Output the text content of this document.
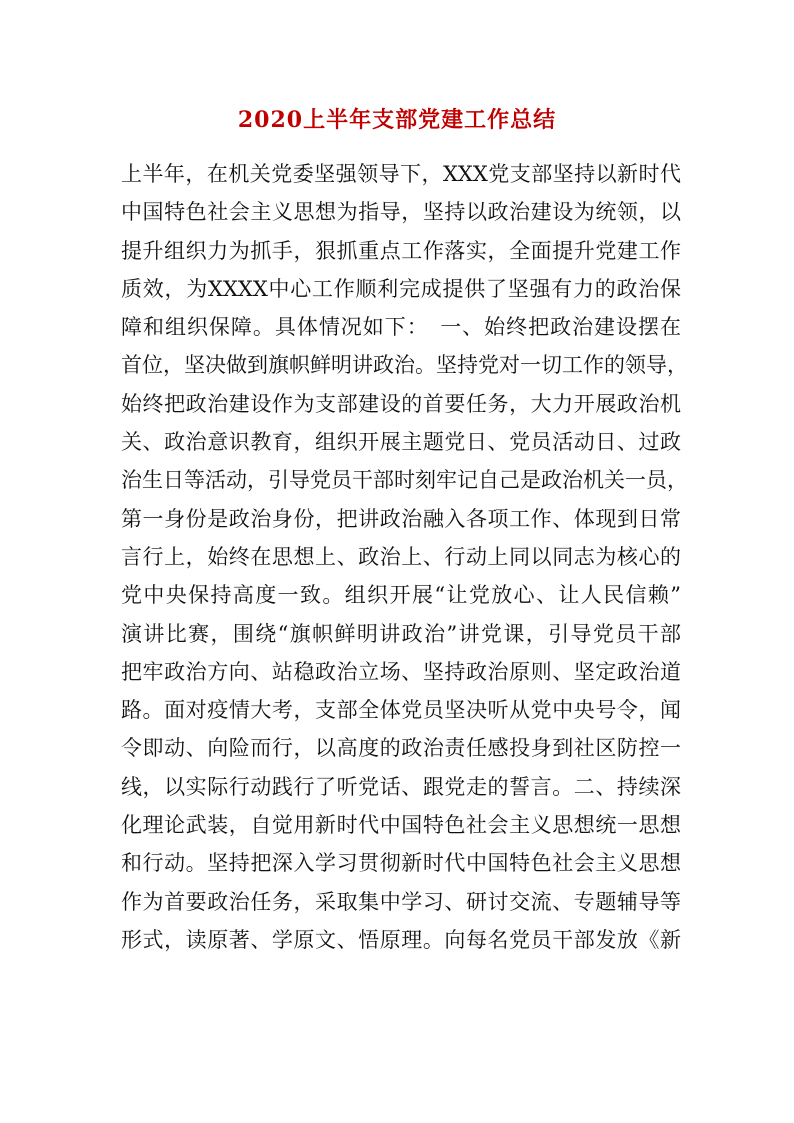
2020上半年支部党建工作总结
上半年，在机关党委坚强领导下，XXX党支部坚持以新时代
中国特色社会主义思想为指导，坚持以政治建设为统领，以
提升组织力为抓手，狠抓重点工作落实，全面提升党建工作
质效，为XXXX中心工作顺利完成提供了坚强有力的政治保
障和组织保障。具体情况如下：　一、始终把政治建设摆在
首位，坚决做到旗帜鲜明讲政治。坚持党对一切工作的领导，
始终把政治建设作为支部建设的首要任务，大力开展政治机
关、政治意识教育，组织开展主题党日、党员活动日、过政
治生日等活动，引导党员干部时刻牢记自己是政治机关一员，
第一身份是政治身份，把讲政治融入各项工作、体现到日常
言行上，始终在思想上、政治上、行动上同以同志为核心的
党中央保持高度一致。组织开展“让党放心、让人民信赖”
演讲比赛，围绕“旗帜鲜明讲政治”讲党课，引导党员干部
把牢政治方向、站稳政治立场、坚持政治原则、坚定政治道
路。面对疫情大考，支部全体党员坚决听从党中央号令，闻
令即动、向险而行，以高度的政治责任感投身到社区防控一
线，以实际行动践行了听党话、跟党走的誓言。二、持续深
化理论武装，自觉用新时代中国特色社会主义思想统一思想
和行动。坚持把深入学习贯彻新时代中国特色社会主义思想
作为首要政治任务，采取集中学习、研讨交流、专题辅导等
形式，读原著、学原文、悟原理。向每名党员干部发放《新
